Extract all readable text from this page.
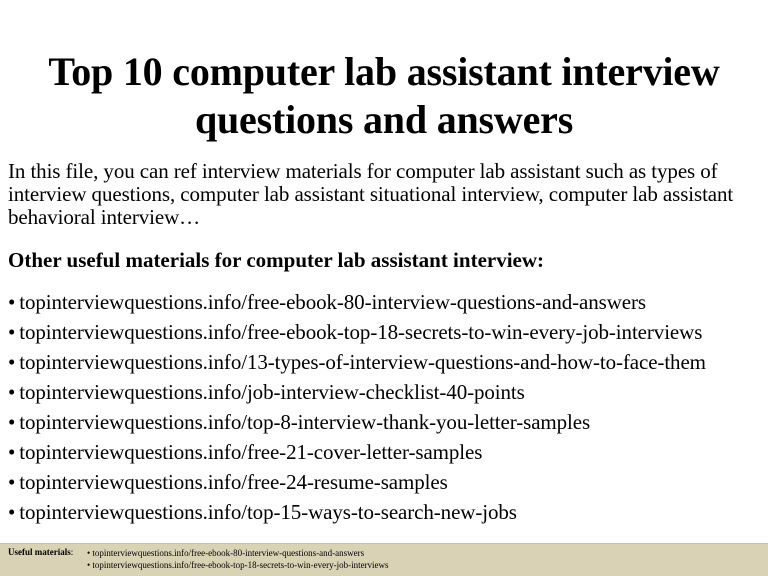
Top 10 computer lab assistant interview
questions and answers

In this file, you can ref interview materials for computer lab assistant such as types of interview questions, computer lab assistant situational interview, computer lab assistant behavioral interview…

Other useful materials for computer lab assistant interview:
• topinterviewquestions.info/free-ebook-80-interview-questions-and-answers
• topinterviewquestions.info/free-ebook-top-18-secrets-to-win-every-job-interviews
• topinterviewquestions.info/13-types-of-interview-questions-and-how-to-face-them
• topinterviewquestions.info/job-interview-checklist-40-points
• topinterviewquestions.info/top-8-interview-thank-you-letter-samples
• topinterviewquestions.info/free-21-cover-letter-samples
• topinterviewquestions.info/free-24-resume-samples
• topinterviewquestions.info/top-15-ways-to-search-new-jobs
Useful materials: • topinterviewquestions.info/free-ebook-80-interview-questions-and-answers
• topinterviewquestions.info/free-ebook-top-18-secrets-to-win-every-job-interviews
